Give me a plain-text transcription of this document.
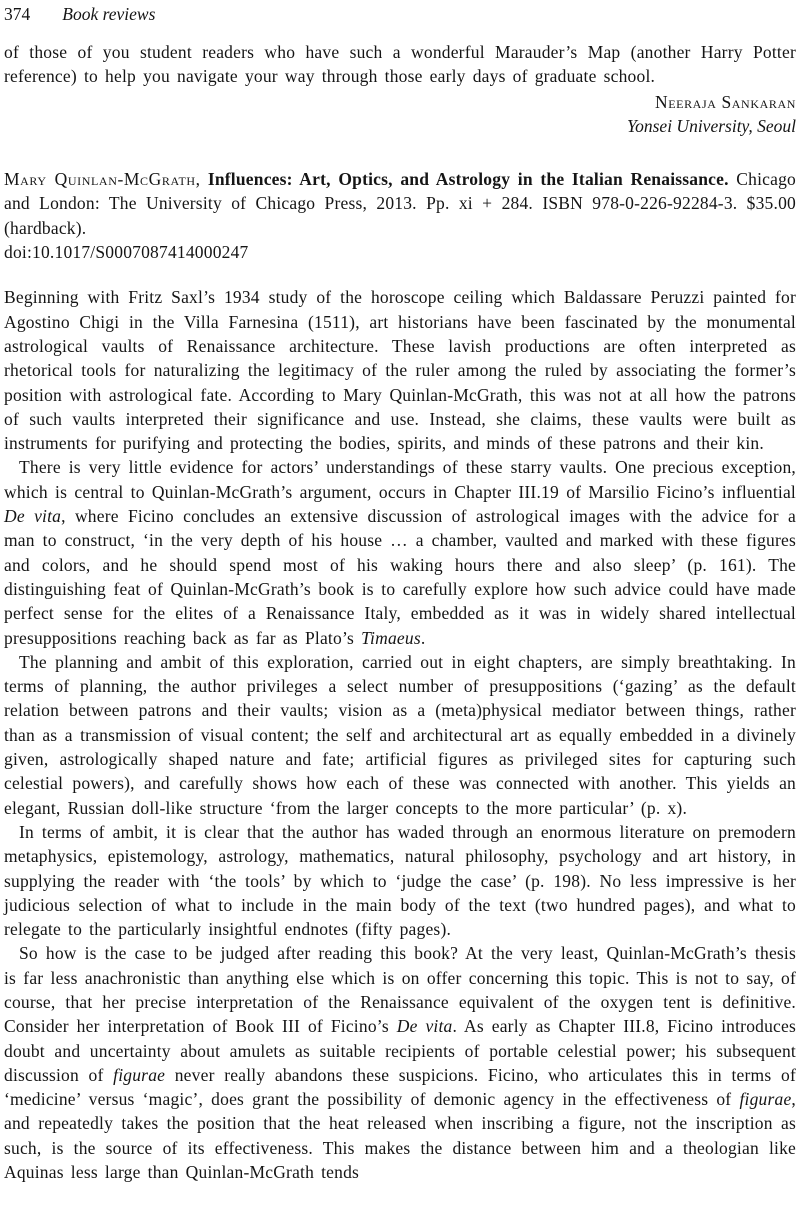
374 Book reviews

of those of you student readers who have such a wonderful Marauder’s Map (another Harry Potter reference) to help you navigate your way through those early days of graduate school.

Neeraja Sankaran
Yonsei University, Seoul

Mary Quinlan-McGrath, Influences: Art, Optics, and Astrology in the Italian Renaissance. Chicago and London: The University of Chicago Press, 2013. Pp. xi + 284. ISBN 978-0-226-92284-3. $35.00 (hardback).

doi:10.1017/S0007087414000247

Beginning with Fritz Saxl’s 1934 study of the horoscope ceiling which Baldassare Peruzzi painted for Agostino Chigi in the Villa Farnesina (1511), art historians have been fascinated by the monumental astrological vaults of Renaissance architecture. These lavish productions are often interpreted as rhetorical tools for naturalizing the legitimacy of the ruler among the ruled by associating the former’s position with astrological fate. According to Mary Quinlan-McGrath, this was not at all how the patrons of such vaults interpreted their significance and use. Instead, she claims, these vaults were built as instruments for purifying and protecting the bodies, spirits, and minds of these patrons and their kin.

There is very little evidence for actors’ understandings of these starry vaults. One precious exception, which is central to Quinlan-McGrath’s argument, occurs in Chapter III.19 of Marsilio Ficino’s influential De vita, where Ficino concludes an extensive discussion of astrological images with the advice for a man to construct, ‘in the very depth of his house … a chamber, vaulted and marked with these figures and colors, and he should spend most of his waking hours there and also sleep’ (p. 161). The distinguishing feat of Quinlan-McGrath’s book is to carefully explore how such advice could have made perfect sense for the elites of a Renaissance Italy, embedded as it was in widely shared intellectual presuppositions reaching back as far as Plato’s Timaeus.

The planning and ambit of this exploration, carried out in eight chapters, are simply breathtaking. In terms of planning, the author privileges a select number of presuppositions (‘gazing’ as the default relation between patrons and their vaults; vision as a (meta)physical mediator between things, rather than as a transmission of visual content; the self and architectural art as equally embedded in a divinely given, astrologically shaped nature and fate; artificial figures as privileged sites for capturing such celestial powers), and carefully shows how each of these was connected with another. This yields an elegant, Russian doll-like structure ‘from the larger concepts to the more particular’ (p. x).

In terms of ambit, it is clear that the author has waded through an enormous literature on premodern metaphysics, epistemology, astrology, mathematics, natural philosophy, psychology and art history, in supplying the reader with ‘the tools’ by which to ‘judge the case’ (p. 198). No less impressive is her judicious selection of what to include in the main body of the text (two hundred pages), and what to relegate to the particularly insightful endnotes (fifty pages).

So how is the case to be judged after reading this book? At the very least, Quinlan-McGrath’s thesis is far less anachronistic than anything else which is on offer concerning this topic. This is not to say, of course, that her precise interpretation of the Renaissance equivalent of the oxygen tent is definitive. Consider her interpretation of Book III of Ficino’s De vita. As early as Chapter III.8, Ficino introduces doubt and uncertainty about amulets as suitable recipients of portable celestial power; his subsequent discussion of figurae never really abandons these suspicions. Ficino, who articulates this in terms of ‘medicine’ versus ‘magic’, does grant the possibility of demonic agency in the effectiveness of figurae, and repeatedly takes the position that the heat released when inscribing a figure, not the inscription as such, is the source of its effectiveness. This makes the distance between him and a theologian like Aquinas less large than Quinlan-McGrath tends
